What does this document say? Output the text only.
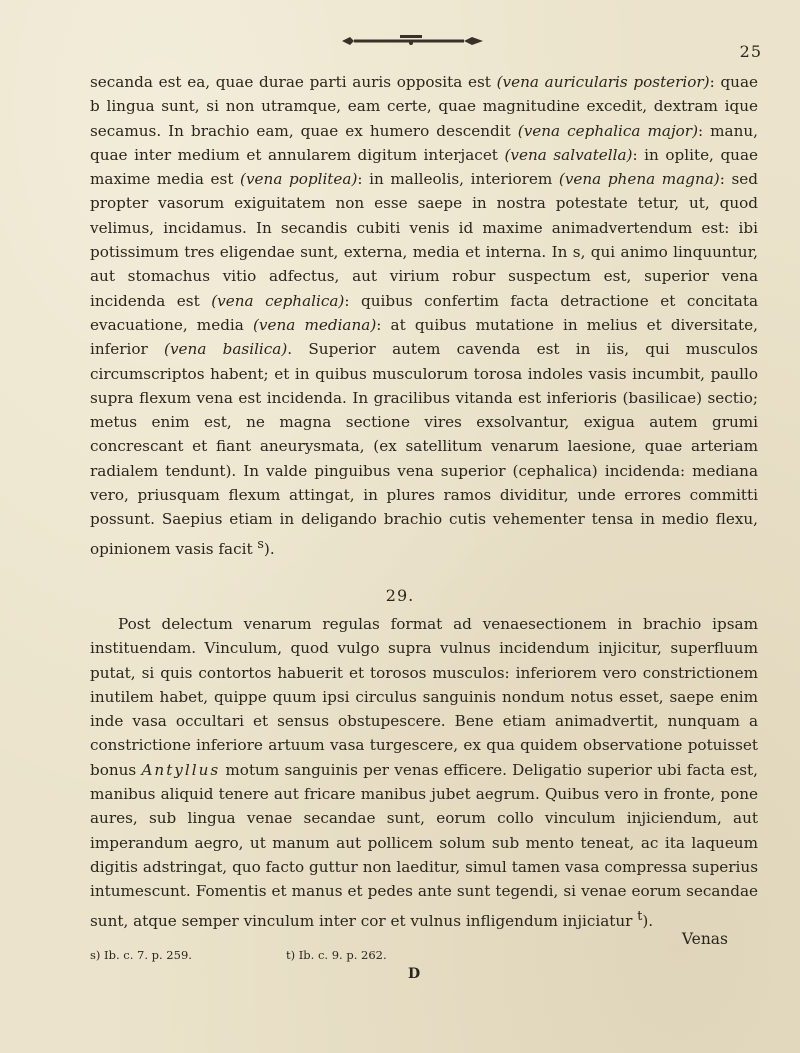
25

secanda est ea, quae durae parti auris opposita est (vena auricularis posterior): quae b lingua sunt, si non utramque, eam certe, quae magnitudine excedit, dextram ique secamus. In brachio eam, quae ex humero descendit (vena cephalica major): manu, quae inter medium et annularem digitum interjacet (vena salvatella): in oplite, quae maxime media est (vena poplitea): in malleolis, interiorem (vena phena magna): sed propter vasorum exiguitatem non esse saepe in nostra potestate tetur, ut, quod velimus, incidamus. In secandis cubiti venis id maxime animadvertendum est: ibi potissimum tres eligendae sunt, externa, media et interna. In s, qui animo linquuntur, aut stomachus vitio adfectus, aut virium robur suspectum est, superior vena incidenda est (vena cephalica): quibus confertim facta detractione et concitata evacuatione, media (vena mediana): at quibus mutatione in melius et diversitate, inferior (vena basilica). Superior autem cavenda est in iis, qui musculos circumscriptos habent; et in quibus musculorum torosa indoles vasis incumbit, paullo supra flexum vena est incidenda. In gracilibus vitanda est inferioris (basilicae) sectio; metus enim est, ne magna sectione vires exsolvantur, exigua autem grumi concrescant et fiant aneurysmata, (ex satellitum venarum laesione, quae arteriam radialem tendunt). In valde pinguibus vena superior (cephalica) incidenda: mediana vero, priusquam flexum attingat, in plures ramos dividitur, unde errores committi possunt. Saepius etiam in deligando brachio cutis vehementer tensa in medio flexu, opinionem vasis facit $^s$).

29.

Post delectum venarum regulas format ad venaesectionem in brachio ipsam instituendam. Vinculum, quod vulgo supra vulnus incidendum injicitur, superfluum putat, si quis contortos habuerit et torosos musculos: inferiorem vero constrictionem inutilem habet, quippe quum ipsi circulus sanguinis nondum notus esset, saepe enim inde vasa occultari et sensus obstupescere. Bene etiam animadvertit, nunquam a constrictione inferiore artuum vasa turgescere, ex qua quidem observatione potuisset bonus Antyllus motum sanguinis per venas efficere. Deligatio superior ubi facta est, manibus aliquid tenere aut fricare manibus jubet aegrum. Quibus vero in fronte, pone aures, sub lingua venae secandae sunt, eorum collo vinculum injiciendum, aut imperandum aegro, ut manum aut pollicem solum sub mento teneat, ac ita laqueum digitis adstringat, quo facto guttur non laeditur, simul tamen vasa compressa superius intumescunt. Fomentis et manus et pedes ante sunt tegendi, si venae eorum secandae sunt, atque semper vinculum inter cor et vulnus infligendum injiciatur $^t$).

Venas
s) Ib. c. 7. p. 259.	t) Ib. c. 9. p. 262.
D
